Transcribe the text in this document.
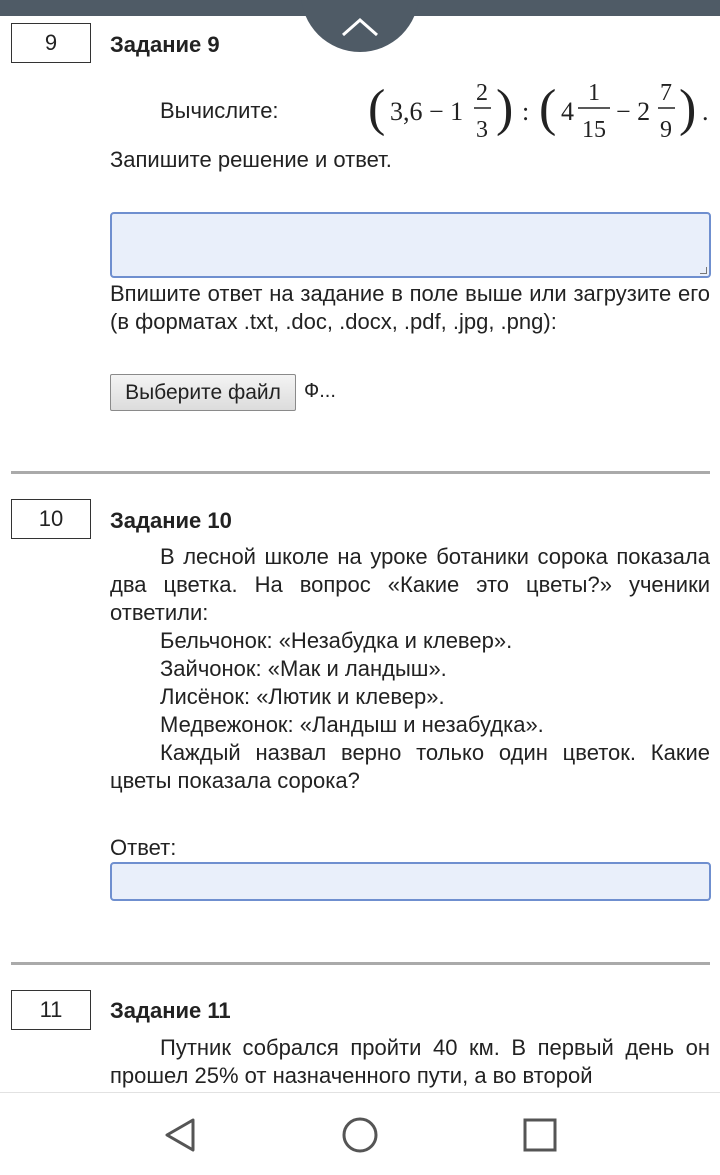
9	Задание 9
Вычислите: ( 3,6 − 1
2
3 ) : ( 4
1
15
− 2
7
9 ) .
Запишите решение и ответ.
Впишите ответ на задание в поле выше или загрузите его (в форматах .txt, .doc, .docx, .pdf, .jpg, .png):
Выберите файл	Ф...
10	Задание 10
В лесной школе на уроке ботаники сорока показала два цветка. На вопрос «Какие это цветы?» ученики ответили:
Бельчонок: «Незабудка и клевер».
Зайчонок: «Мак и ландыш».
Лисёнок: «Лютик и клевер».
Медвежонок: «Ландыш и незабудка».
Каждый назвал верно только один цветок. Какие цветы показала сорока?
Ответ:
11	Задание 11
Путник собрался пройти 40 км. В первый день он прошел 25% от назначенного пути, а во второй
